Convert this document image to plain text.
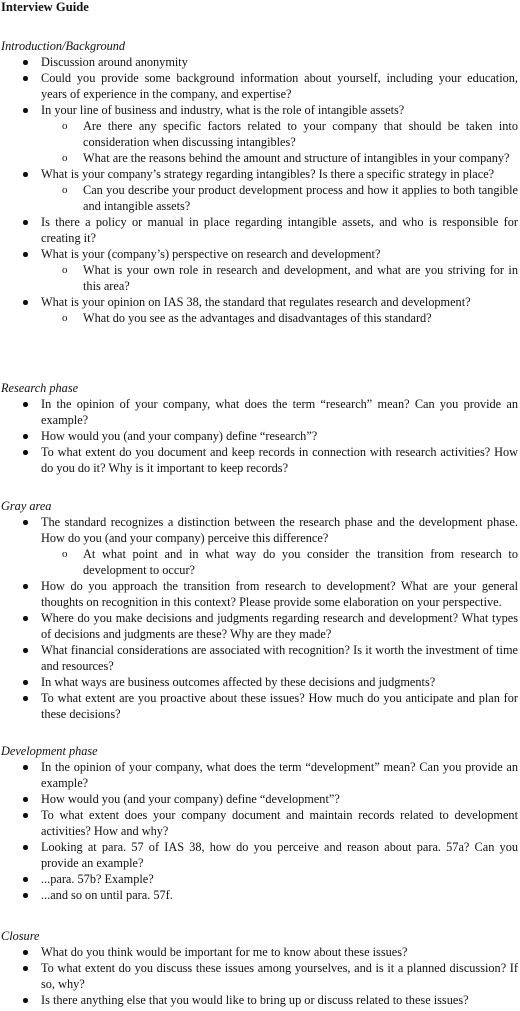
Interview Guide
Introduction/Background
Discussion around anonymity
Could you provide some background information about yourself, including your education, years of experience in the company, and expertise?
In your line of business and industry, what is the role of intangible assets?
o Are there any specific factors related to your company that should be taken into consideration when discussing intangibles?
o What are the reasons behind the amount and structure of intangibles in your company?
What is your company’s strategy regarding intangibles? Is there a specific strategy in place?
o Can you describe your product development process and how it applies to both tangible and intangible assets?
Is there a policy or manual in place regarding intangible assets, and who is responsible for creating it?
What is your (company’s) perspective on research and development?
o What is your own role in research and development, and what are you striving for in this area?
What is your opinion on IAS 38, the standard that regulates research and development?
o What do you see as the advantages and disadvantages of this standard?
Research phase
In the opinion of your company, what does the term “research” mean? Can you provide an example?
How would you (and your company) define “research”?
To what extent do you document and keep records in connection with research activities? How do you do it? Why is it important to keep records?
Gray area
The standard recognizes a distinction between the research phase and the development phase. How do you (and your company) perceive this difference?
o At what point and in what way do you consider the transition from research to development to occur?
How do you approach the transition from research to development? What are your general thoughts on recognition in this context? Please provide some elaboration on your perspective.
Where do you make decisions and judgments regarding research and development? What types of decisions and judgments are these? Why are they made?
What financial considerations are associated with recognition? Is it worth the investment of time and resources?
In what ways are business outcomes affected by these decisions and judgments?
To what extent are you proactive about these issues? How much do you anticipate and plan for these decisions?
Development phase
In the opinion of your company, what does the term “development” mean? Can you provide an example?
How would you (and your company) define “development”?
To what extent does your company document and maintain records related to development activities? How and why?
Looking at para. 57 of IAS 38, how do you perceive and reason about para. 57a? Can you provide an example?
...para. 57b? Example?
...and so on until para. 57f.
Closure
What do you think would be important for me to know about these issues?
To what extent do you discuss these issues among yourselves, and is it a planned discussion? If so, why?
Is there anything else that you would like to bring up or discuss related to these issues?
